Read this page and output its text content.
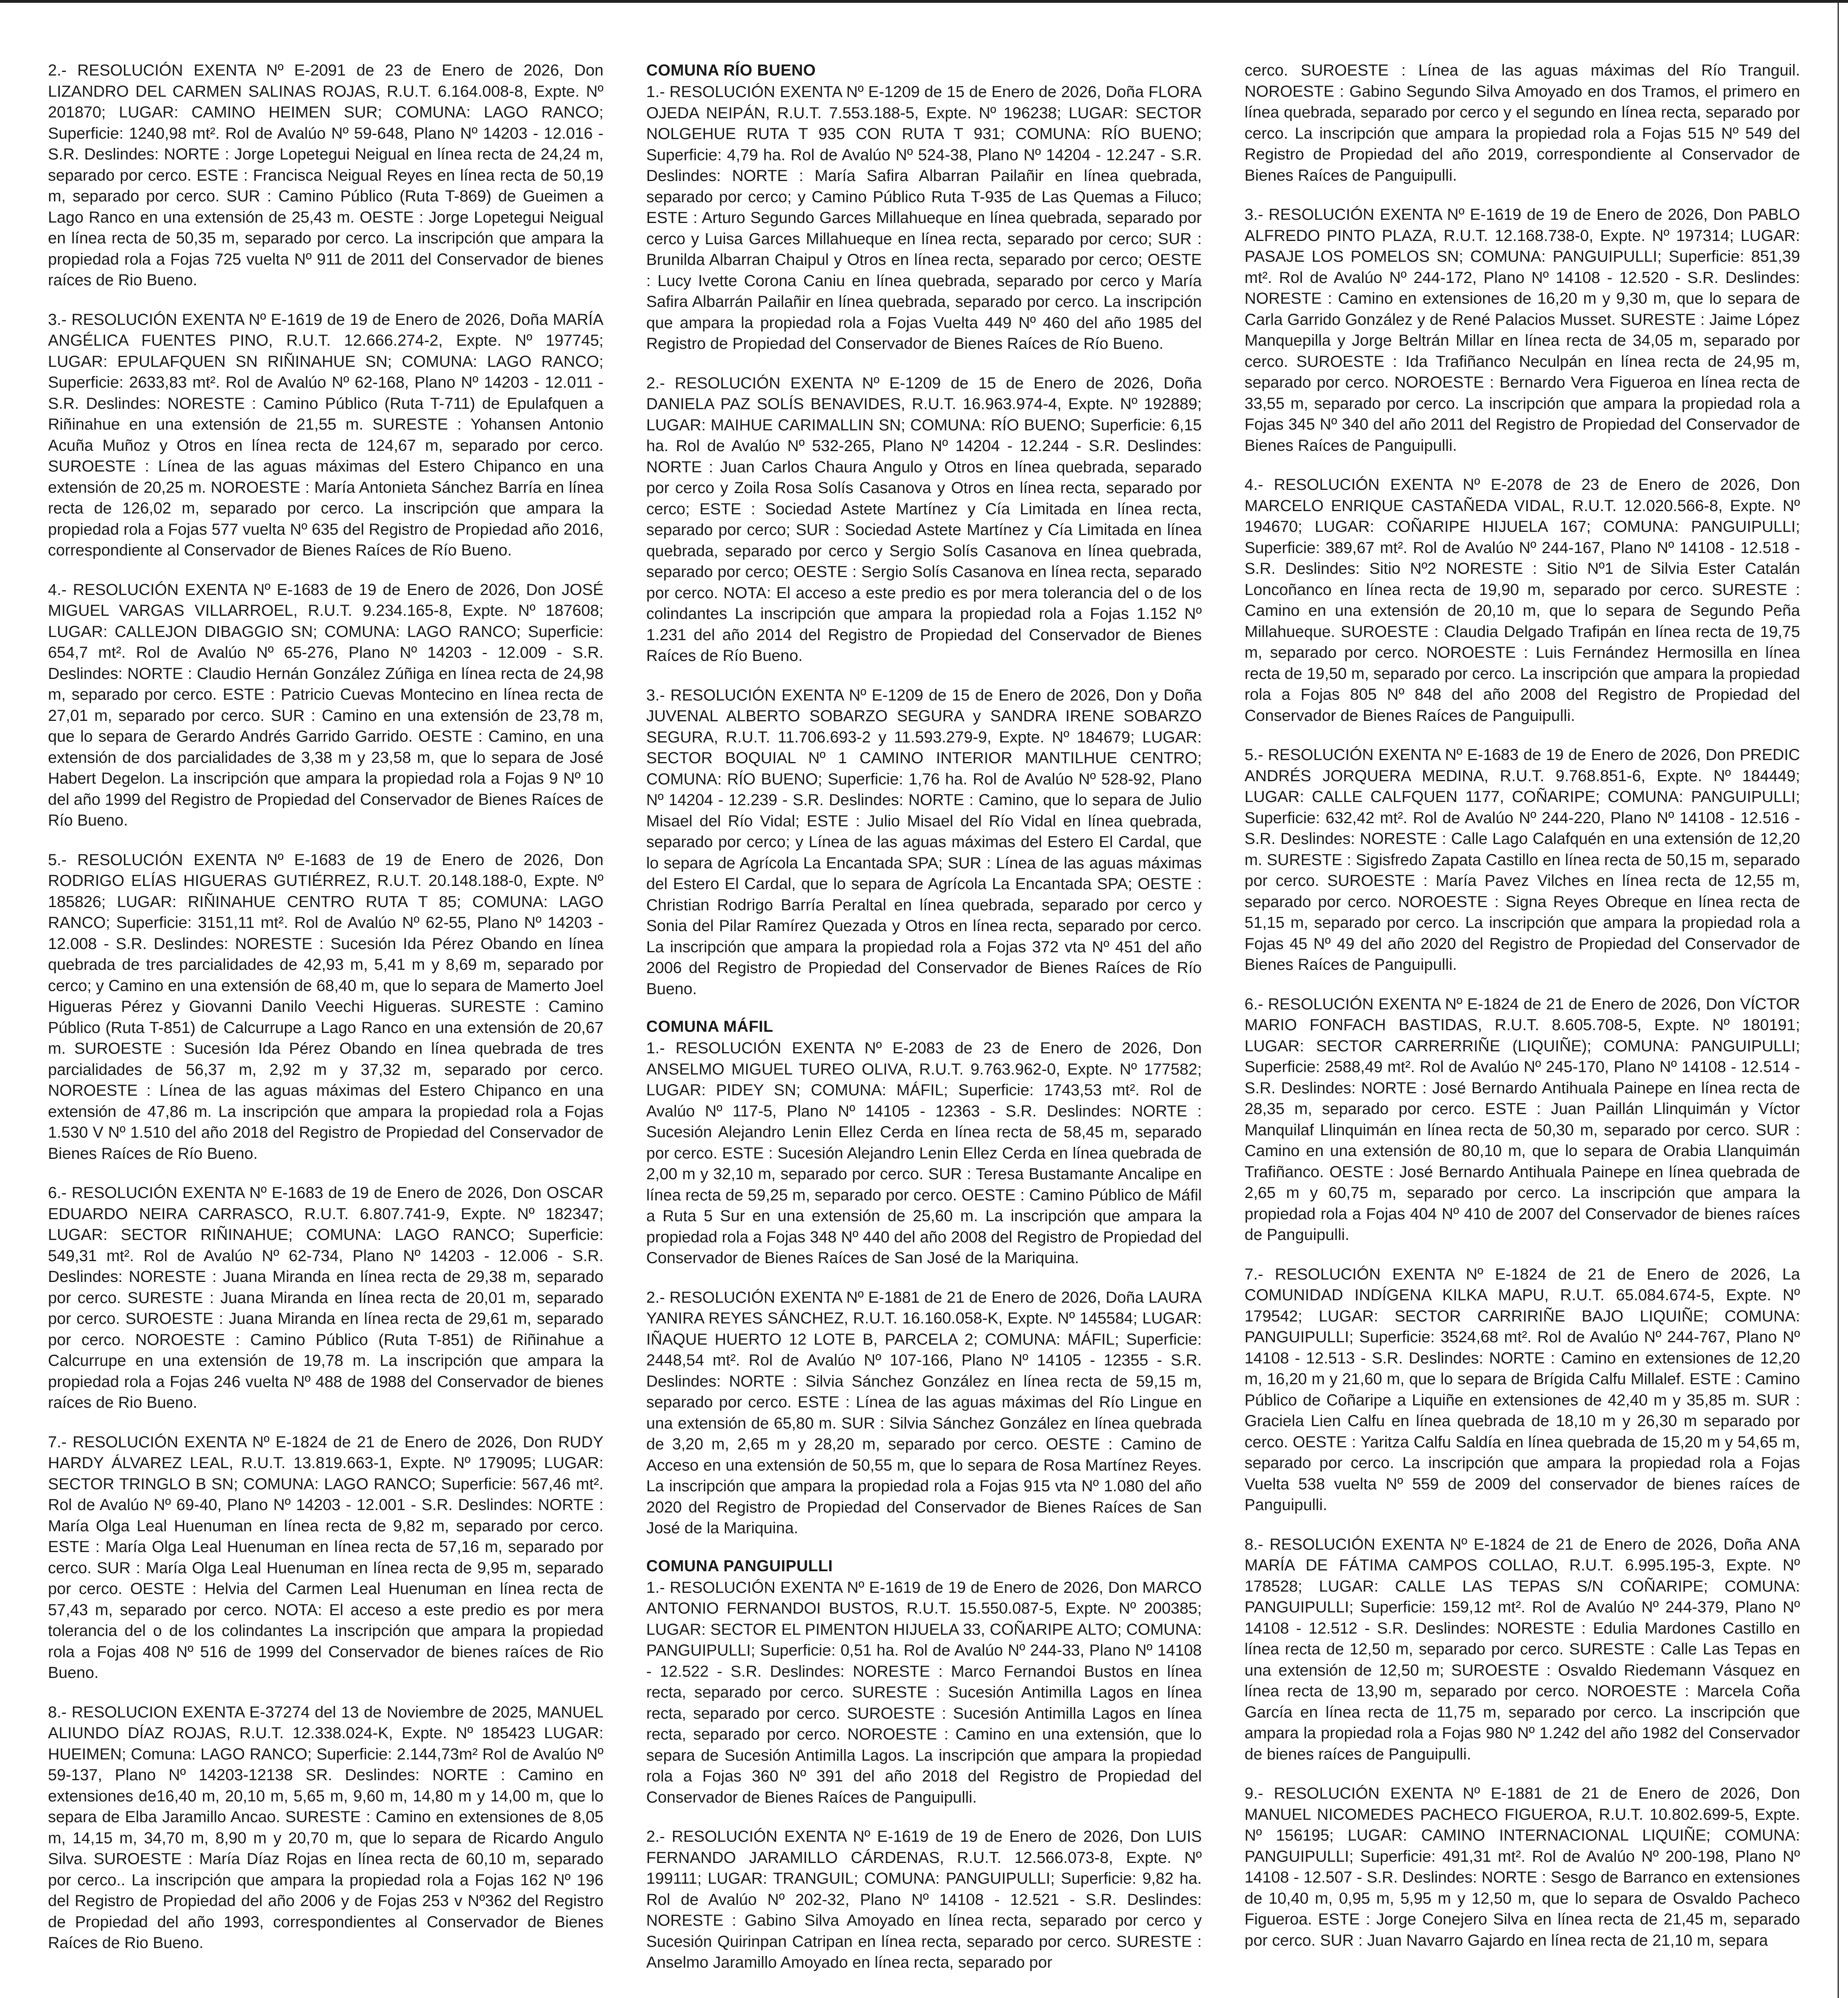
2.- RESOLUCIÓN EXENTA Nº E-2091 de 23 de Enero de 2026, Don LIZANDRO DEL CARMEN SALINAS ROJAS, R.U.T. 6.164.008-8, Expte. Nº 201870; LUGAR: CAMINO HEIMEN SUR; COMUNA: LAGO RANCO; Superficie: 1240,98 mt². Rol de Avalúo Nº 59-648, Plano Nº 14203 - 12.016 - S.R. Deslindes: NORTE : Jorge Lopetegui Neigual en línea recta de 24,24 m, separado por cerco. ESTE : Francisca Neigual Reyes en línea recta de 50,19 m, separado por cerco. SUR : Camino Público (Ruta T-869) de Gueimen a Lago Ranco en una extensión de 25,43 m. OESTE : Jorge Lopetegui Neigual en línea recta de 50,35 m, separado por cerco. La inscripción que ampara la propiedad rola a Fojas 725 vuelta Nº 911 de 2011 del Conservador de bienes raíces de Rio Bueno.

3.- RESOLUCIÓN EXENTA Nº E-1619 de 19 de Enero de 2026, Doña MARÍA ANGÉLICA FUENTES PINO, R.U.T. 12.666.274-2, Expte. Nº 197745; LUGAR: EPULAFQUEN SN RIÑINAHUE SN; COMUNA: LAGO RANCO; Superficie: 2633,83 mt². Rol de Avalúo Nº 62-168, Plano Nº 14203 - 12.011 - S.R. Deslindes: NORESTE : Camino Público (Ruta T-711) de Epulafquen a Riñinahue en una extensión de 21,55 m. SURESTE : Yohansen Antonio Acuña Muñoz y Otros en línea recta de 124,67 m, separado por cerco. SUROESTE : Línea de las aguas máximas del Estero Chipanco en una extensión de 20,25 m. NOROESTE : María Antonieta Sánchez Barría en línea recta de 126,02 m, separado por cerco. La inscripción que ampara la propiedad rola a Fojas 577 vuelta Nº 635 del Registro de Propiedad año 2016, correspondiente al Conservador de Bienes Raíces de Río Bueno.

4.- RESOLUCIÓN EXENTA Nº E-1683 de 19 de Enero de 2026, Don JOSÉ MIGUEL VARGAS VILLARROEL, R.U.T. 9.234.165-8, Expte. Nº 187608; LUGAR: CALLEJON DIBAGGIO SN; COMUNA: LAGO RANCO; Superficie: 654,7 mt². Rol de Avalúo Nº 65-276, Plano Nº 14203 - 12.009 - S.R. Deslindes: NORTE : Claudio Hernán González Zúñiga en línea recta de 24,98 m, separado por cerco. ESTE : Patricio Cuevas Montecino en línea recta de 27,01 m, separado por cerco. SUR : Camino en una extensión de 23,78 m, que lo separa de Gerardo Andrés Garrido Garrido. OESTE : Camino, en una extensión de dos parcialidades de 3,38 m y 23,58 m, que lo separa de José Habert Degelon. La inscripción que ampara la propiedad rola a Fojas 9 Nº 10 del año 1999 del Registro de Propiedad del Conservador de Bienes Raíces de Río Bueno.

5.- RESOLUCIÓN EXENTA Nº E-1683 de 19 de Enero de 2026, Don RODRIGO ELÍAS HIGUERAS GUTIÉRREZ, R.U.T. 20.148.188-0, Expte. Nº 185826; LUGAR: RIÑINAHUE CENTRO RUTA T 85; COMUNA: LAGO RANCO; Superficie: 3151,11 mt². Rol de Avalúo Nº 62-55, Plano Nº 14203 - 12.008 - S.R. Deslindes: NORESTE : Sucesión Ida Pérez Obando en línea quebrada de tres parcialidades de 42,93 m, 5,41 m y 8,69 m, separado por cerco; y Camino en una extensión de 68,40 m, que lo separa de Mamerto Joel Higueras Pérez y Giovanni Danilo Veechi Higueras. SURESTE : Camino Público (Ruta T-851) de Calcurrupe a Lago Ranco en una extensión de 20,67 m. SUROESTE : Sucesión Ida Pérez Obando en línea quebrada de tres parcialidades de 56,37 m, 2,92 m y 37,32 m, separado por cerco. NOROESTE : Línea de las aguas máximas del Estero Chipanco en una extensión de 47,86 m. La inscripción que ampara la propiedad rola a Fojas 1.530 V Nº 1.510 del año 2018 del Registro de Propiedad del Conservador de Bienes Raíces de Río Bueno.

6.- RESOLUCIÓN EXENTA Nº E-1683 de 19 de Enero de 2026, Don OSCAR EDUARDO NEIRA CARRASCO, R.U.T. 6.807.741-9, Expte. Nº 182347; LUGAR: SECTOR RIÑINAHUE; COMUNA: LAGO RANCO; Superficie: 549,31 mt². Rol de Avalúo Nº 62-734, Plano Nº 14203 - 12.006 - S.R. Deslindes: NORESTE : Juana Miranda en línea recta de 29,38 m, separado por cerco. SURESTE : Juana Miranda en línea recta de 20,01 m, separado por cerco. SUROESTE : Juana Miranda en línea recta de 29,61 m, separado por cerco. NOROESTE : Camino Público (Ruta T-851) de Riñinahue a Calcurrupe en una extensión de 19,78 m. La inscripción que ampara la propiedad rola a Fojas 246 vuelta Nº 488 de 1988 del Conservador de bienes raíces de Rio Bueno.

7.- RESOLUCIÓN EXENTA Nº E-1824 de 21 de Enero de 2026, Don RUDY HARDY ÁLVAREZ LEAL, R.U.T. 13.819.663-1, Expte. Nº 179095; LUGAR: SECTOR TRINGLO B SN; COMUNA: LAGO RANCO; Superficie: 567,46 mt². Rol de Avalúo Nº 69-40, Plano Nº 14203 - 12.001 - S.R. Deslindes: NORTE : María Olga Leal Huenuman en línea recta de 9,82 m, separado por cerco. ESTE : María Olga Leal Huenuman en línea recta de 57,16 m, separado por cerco. SUR : María Olga Leal Huenuman en línea recta de 9,95 m, separado por cerco. OESTE : Helvia del Carmen Leal Huenuman en línea recta de 57,43 m, separado por cerco. NOTA: El acceso a este predio es por mera tolerancia del o de los colindantes La inscripción que ampara la propiedad rola a Fojas 408 Nº 516 de 1999 del Conservador de bienes raíces de Rio Bueno.

8.- RESOLUCION EXENTA E-37274 del 13 de Noviembre de 2025, MANUEL ALIUNDO DÍAZ ROJAS, R.U.T. 12.338.024-K, Expte. Nº 185423 LUGAR: HUEIMEN; Comuna: LAGO RANCO; Superficie: 2.144,73m² Rol de Avalúo Nº 59-137, Plano Nº 14203-12138 SR. Deslindes: NORTE : Camino en extensiones de16,40 m, 20,10 m, 5,65 m, 9,60 m, 14,80 m y 14,00 m, que lo separa de Elba Jaramillo Ancao. SURESTE : Camino en extensiones de 8,05 m, 14,15 m, 34,70 m, 8,90 m y 20,70 m, que lo separa de Ricardo Angulo Silva. SUROESTE : María Díaz Rojas en línea recta de 60,10 m, separado por cerco.. La inscripción que ampara la propiedad rola a Fojas 162 Nº 196 del Registro de Propiedad del año 2006 y de Fojas 253 v Nº362 del Registro de Propiedad del año 1993, correspondientes al Conservador de Bienes Raíces de Rio Bueno.

COMUNA RÍO BUENO

1.- RESOLUCIÓN EXENTA Nº E-1209 de 15 de Enero de 2026, Doña FLORA OJEDA NEIPÁN, R.U.T. 7.553.188-5, Expte. Nº 196238; LUGAR: SECTOR NOLGEHUE RUTA T 935 CON RUTA T 931; COMUNA: RÍO BUENO; Superficie: 4,79 ha. Rol de Avalúo Nº 524-38, Plano Nº 14204 - 12.247 - S.R. Deslindes: NORTE : María Safira Albarran Pailañir en línea quebrada, separado por cerco; y Camino Público Ruta T-935 de Las Quemas a Filuco; ESTE : Arturo Segundo Garces Millahueque en línea quebrada, separado por cerco y Luisa Garces Millahueque en línea recta, separado por cerco; SUR : Brunilda Albarran Chaipul y Otros en línea recta, separado por cerco; OESTE : Lucy Ivette Corona Caniu en línea quebrada, separado por cerco y María Safira Albarrán Pailañir en línea quebrada, separado por cerco. La inscripción que ampara la propiedad rola a Fojas Vuelta 449 Nº 460 del año 1985 del Registro de Propiedad del Conservador de Bienes Raíces de Río Bueno.

2.- RESOLUCIÓN EXENTA Nº E-1209 de 15 de Enero de 2026, Doña DANIELA PAZ SOLÍS BENAVIDES, R.U.T. 16.963.974-4, Expte. Nº 192889; LUGAR: MAIHUE CARIMALLIN SN; COMUNA: RÍO BUENO; Superficie: 6,15 ha. Rol de Avalúo Nº 532-265, Plano Nº 14204 - 12.244 - S.R. Deslindes: NORTE : Juan Carlos Chaura Angulo y Otros en línea quebrada, separado por cerco y Zoila Rosa Solís Casanova y Otros en línea recta, separado por cerco; ESTE : Sociedad Astete Martínez y Cía Limitada en línea recta, separado por cerco; SUR : Sociedad Astete Martínez y Cía Limitada en línea quebrada, separado por cerco y Sergio Solís Casanova en línea quebrada, separado por cerco; OESTE : Sergio Solís Casanova en línea recta, separado por cerco. NOTA: El acceso a este predio es por mera tolerancia del o de los colindantes La inscripción que ampara la propiedad rola a Fojas 1.152 Nº 1.231 del año 2014 del Registro de Propiedad del Conservador de Bienes Raíces de Río Bueno.

3.- RESOLUCIÓN EXENTA Nº E-1209 de 15 de Enero de 2026, Don y Doña JUVENAL ALBERTO SOBARZO SEGURA y SANDRA IRENE SOBARZO SEGURA, R.U.T. 11.706.693-2 y 11.593.279-9, Expte. Nº 184679; LUGAR: SECTOR BOQUIAL Nº 1 CAMINO INTERIOR MANTILHUE CENTRO; COMUNA: RÍO BUENO; Superficie: 1,76 ha. Rol de Avalúo Nº 528-92, Plano Nº 14204 - 12.239 - S.R. Deslindes: NORTE : Camino, que lo separa de Julio Misael del Río Vidal; ESTE : Julio Misael del Río Vidal en línea quebrada, separado por cerco; y Línea de las aguas máximas del Estero El Cardal, que lo separa de Agrícola La Encantada SPA; SUR : Línea de las aguas máximas del Estero El Cardal, que lo separa de Agrícola La Encantada SPA; OESTE : Christian Rodrigo Barría Peraltal en línea quebrada, separado por cerco y Sonia del Pilar Ramírez Quezada y Otros en línea recta, separado por cerco. La inscripción que ampara la propiedad rola a Fojas 372 vta Nº 451 del año 2006 del Registro de Propiedad del Conservador de Bienes Raíces de Río Bueno.

COMUNA MÁFIL

1.- RESOLUCIÓN EXENTA Nº E-2083 de 23 de Enero de 2026, Don ANSELMO MIGUEL TUREO OLIVA, R.U.T. 9.763.962-0, Expte. Nº 177582; LUGAR: PIDEY SN; COMUNA: MÁFIL; Superficie: 1743,53 mt². Rol de Avalúo Nº 117-5, Plano Nº 14105 - 12363 - S.R. Deslindes: NORTE : Sucesión Alejandro Lenin Ellez Cerda en línea recta de 58,45 m, separado por cerco. ESTE : Sucesión Alejandro Lenin Ellez Cerda en línea quebrada de 2,00 m y 32,10 m, separado por cerco. SUR : Teresa Bustamante Ancalipe en línea recta de 59,25 m, separado por cerco. OESTE : Camino Público de Máfil a Ruta 5 Sur en una extensión de 25,60 m. La inscripción que ampara la propiedad rola a Fojas 348 Nº 440 del año 2008 del Registro de Propiedad del Conservador de Bienes Raíces de San José de la Mariquina.

2.- RESOLUCIÓN EXENTA Nº E-1881 de 21 de Enero de 2026, Doña LAURA YANIRA REYES SÁNCHEZ, R.U.T. 16.160.058-K, Expte. Nº 145584; LUGAR: IÑAQUE HUERTO 12 LOTE B, PARCELA 2; COMUNA: MÁFIL; Superficie: 2448,54 mt². Rol de Avalúo Nº 107-166, Plano Nº 14105 - 12355 - S.R. Deslindes: NORTE : Silvia Sánchez González en línea recta de 59,15 m, separado por cerco. ESTE : Línea de las aguas máximas del Río Lingue en una extensión de 65,80 m. SUR : Silvia Sánchez González en línea quebrada de 3,20 m, 2,65 m y 28,20 m, separado por cerco. OESTE : Camino de Acceso en una extensión de 50,55 m, que lo separa de Rosa Martínez Reyes. La inscripción que ampara la propiedad rola a Fojas 915 vta Nº 1.080 del año 2020 del Registro de Propiedad del Conservador de Bienes Raíces de San José de la Mariquina.

COMUNA PANGUIPULLI

1.- RESOLUCIÓN EXENTA Nº E-1619 de 19 de Enero de 2026, Don MARCO ANTONIO FERNANDOI BUSTOS, R.U.T. 15.550.087-5, Expte. Nº 200385; LUGAR: SECTOR EL PIMENTON HIJUELA 33, COÑARIPE ALTO; COMUNA: PANGUIPULLI; Superficie: 0,51 ha. Rol de Avalúo Nº 244-33, Plano Nº 14108 - 12.522 - S.R. Deslindes: NORESTE : Marco Fernandoi Bustos en línea recta, separado por cerco. SURESTE : Sucesión Antimilla Lagos en línea recta, separado por cerco. SUROESTE : Sucesión Antimilla Lagos en línea recta, separado por cerco. NOROESTE : Camino en una extensión, que lo separa de Sucesión Antimilla Lagos. La inscripción que ampara la propiedad rola a Fojas 360 Nº 391 del año 2018 del Registro de Propiedad del Conservador de Bienes Raíces de Panguipulli.

2.- RESOLUCIÓN EXENTA Nº E-1619 de 19 de Enero de 2026, Don LUIS FERNANDO JARAMILLO CÁRDENAS, R.U.T. 12.566.073-8, Expte. Nº 199111; LUGAR: TRANGUIL; COMUNA: PANGUIPULLI; Superficie: 9,82 ha. Rol de Avalúo Nº 202-32, Plano Nº 14108 - 12.521 - S.R. Deslindes: NORESTE : Gabino Silva Amoyado en línea recta, separado por cerco y Sucesión Quirinpan Catripan en línea recta, separado por cerco. SURESTE : Anselmo Jaramillo Amoyado en línea recta, separado por

cerco. SUROESTE : Línea de las aguas máximas del Río Tranguil. NOROESTE : Gabino Segundo Silva Amoyado en dos Tramos, el primero en línea quebrada, separado por cerco y el segundo en línea recta, separado por cerco. La inscripción que ampara la propiedad rola a Fojas 515 Nº 549 del Registro de Propiedad del año 2019, correspondiente al Conservador de Bienes Raíces de Panguipulli.

3.- RESOLUCIÓN EXENTA Nº E-1619 de 19 de Enero de 2026, Don PABLO ALFREDO PINTO PLAZA, R.U.T. 12.168.738-0, Expte. Nº 197314; LUGAR: PASAJE LOS POMELOS SN; COMUNA: PANGUIPULLI; Superficie: 851,39 mt². Rol de Avalúo Nº 244-172, Plano Nº 14108 - 12.520 - S.R. Deslindes: NORESTE : Camino en extensiones de 16,20 m y 9,30 m, que lo separa de Carla Garrido González y de René Palacios Musset. SURESTE : Jaime López Manquepilla y Jorge Beltrán Millar en línea recta de 34,05 m, separado por cerco. SUROESTE : Ida Trafiñanco Neculpán en línea recta de 24,95 m, separado por cerco. NOROESTE : Bernardo Vera Figueroa en línea recta de 33,55 m, separado por cerco. La inscripción que ampara la propiedad rola a Fojas 345 Nº 340 del año 2011 del Registro de Propiedad del Conservador de Bienes Raíces de Panguipulli.

4.- RESOLUCIÓN EXENTA Nº E-2078 de 23 de Enero de 2026, Don MARCELO ENRIQUE CASTAÑEDA VIDAL, R.U.T. 12.020.566-8, Expte. Nº 194670; LUGAR: COÑARIPE HIJUELA 167; COMUNA: PANGUIPULLI; Superficie: 389,67 mt². Rol de Avalúo Nº 244-167, Plano Nº 14108 - 12.518 - S.R. Deslindes: Sitio Nº2 NORESTE : Sitio Nº1 de Silvia Ester Catalán Loncoñanco en línea recta de 19,90 m, separado por cerco. SURESTE : Camino en una extensión de 20,10 m, que lo separa de Segundo Peña Millahueque. SUROESTE : Claudia Delgado Trafipán en línea recta de 19,75 m, separado por cerco. NOROESTE : Luis Fernández Hermosilla en línea recta de 19,50 m, separado por cerco. La inscripción que ampara la propiedad rola a Fojas 805 Nº 848 del año 2008 del Registro de Propiedad del Conservador de Bienes Raíces de Panguipulli.

5.- RESOLUCIÓN EXENTA Nº E-1683 de 19 de Enero de 2026, Don PREDIC ANDRÉS JORQUERA MEDINA, R.U.T. 9.768.851-6, Expte. Nº 184449; LUGAR: CALLE CALFQUEN 1177, COÑARIPE; COMUNA: PANGUIPULLI; Superficie: 632,42 mt². Rol de Avalúo Nº 244-220, Plano Nº 14108 - 12.516 - S.R. Deslindes: NORESTE : Calle Lago Calafquén en una extensión de 12,20 m. SURESTE : Sigisfredo Zapata Castillo en línea recta de 50,15 m, separado por cerco. SUROESTE : María Pavez Vilches en línea recta de 12,55 m, separado por cerco. NOROESTE : Signa Reyes Obreque en línea recta de 51,15 m, separado por cerco. La inscripción que ampara la propiedad rola a Fojas 45 Nº 49 del año 2020 del Registro de Propiedad del Conservador de Bienes Raíces de Panguipulli.

6.- RESOLUCIÓN EXENTA Nº E-1824 de 21 de Enero de 2026, Don VÍCTOR MARIO FONFACH BASTIDAS, R.U.T. 8.605.708-5, Expte. Nº 180191; LUGAR: SECTOR CARRERRIÑE (LIQUIÑE); COMUNA: PANGUIPULLI; Superficie: 2588,49 mt². Rol de Avalúo Nº 245-170, Plano Nº 14108 - 12.514 - S.R. Deslindes: NORTE : José Bernardo Antihuala Painepe en línea recta de 28,35 m, separado por cerco. ESTE : Juan Paillán Llinquimán y Víctor Manquilaf Llinquimán en línea recta de 50,30 m, separado por cerco. SUR : Camino en una extensión de 80,10 m, que lo separa de Orabia Llanquimán Trafiñanco. OESTE : José Bernardo Antihuala Painepe en línea quebrada de 2,65 m y 60,75 m, separado por cerco. La inscripción que ampara la propiedad rola a Fojas 404 Nº 410 de 2007 del Conservador de bienes raíces de Panguipulli.

7.- RESOLUCIÓN EXENTA Nº E-1824 de 21 de Enero de 2026, La COMUNIDAD INDÍGENA KILKA MAPU, R.U.T. 65.084.674-5, Expte. Nº 179542; LUGAR: SECTOR CARRIRIÑE BAJO LIQUIÑE; COMUNA: PANGUIPULLI; Superficie: 3524,68 mt². Rol de Avalúo Nº 244-767, Plano Nº 14108 - 12.513 - S.R. Deslindes: NORTE : Camino en extensiones de 12,20 m, 16,20 m y 21,60 m, que lo separa de Brígida Calfu Millalef. ESTE : Camino Público de Coñaripe a Liquiñe en extensiones de 42,40 m y 35,85 m. SUR : Graciela Lien Calfu en línea quebrada de 18,10 m y 26,30 m separado por cerco. OESTE : Yaritza Calfu Saldía en línea quebrada de 15,20 m y 54,65 m, separado por cerco. La inscripción que ampara la propiedad rola a Fojas Vuelta 538 vuelta Nº 559 de 2009 del conservador de bienes raíces de Panguipulli.

8.- RESOLUCIÓN EXENTA Nº E-1824 de 21 de Enero de 2026, Doña ANA MARÍA DE FÁTIMA CAMPOS COLLAO, R.U.T. 6.995.195-3, Expte. Nº 178528; LUGAR: CALLE LAS TEPAS S/N COÑARIPE; COMUNA: PANGUIPULLI; Superficie: 159,12 mt². Rol de Avalúo Nº 244-379, Plano Nº 14108 - 12.512 - S.R. Deslindes: NORESTE : Edulia Mardones Castillo en línea recta de 12,50 m, separado por cerco. SURESTE : Calle Las Tepas en una extensión de 12,50 m; SUROESTE : Osvaldo Riedemann Vásquez en línea recta de 13,90 m, separado por cerco. NOROESTE : Marcela Coña García en línea recta de 11,75 m, separado por cerco. La inscripción que ampara la propiedad rola a Fojas 980 Nº 1.242 del año 1982 del Conservador de bienes raíces de Panguipulli.

9.- RESOLUCIÓN EXENTA Nº E-1881 de 21 de Enero de 2026, Don MANUEL NICOMEDES PACHECO FIGUEROA, R.U.T. 10.802.699-5, Expte. Nº 156195; LUGAR: CAMINO INTERNACIONAL LIQUIÑE; COMUNA: PANGUIPULLI; Superficie: 491,31 mt². Rol de Avalúo Nº 200-198, Plano Nº 14108 - 12.507 - S.R. Deslindes: NORTE : Sesgo de Barranco en extensiones de 10,40 m, 0,95 m, 5,95 m y 12,50 m, que lo separa de Osvaldo Pacheco Figueroa. ESTE : Jorge Conejero Silva en línea recta de 21,45 m, separado por cerco. SUR : Juan Navarro Gajardo en línea recta de 21,10 m, separa
